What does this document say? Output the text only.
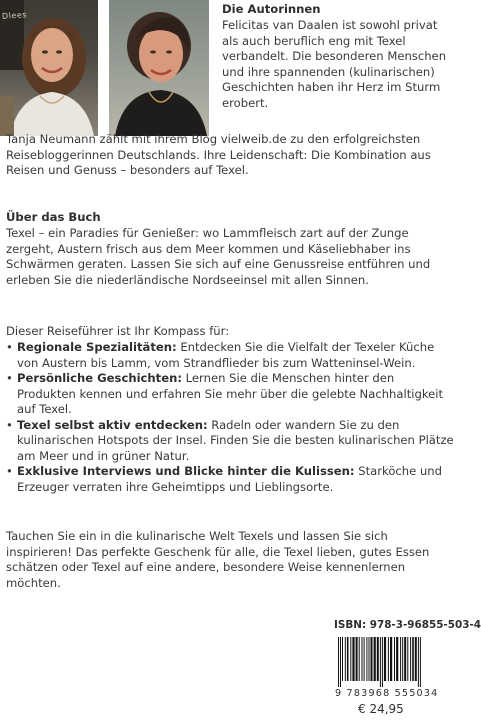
Dlees	Die Autorinnen

Felicitas van Daalen ist sowohl privat als auch beruflich eng mit Texel verbandelt. Die besonderen Menschen und ihre spannenden (kulinarischen) Geschichten haben ihr Herz im Sturm erobert.

Tanja Neumann zählt mit ihrem Blog vielweib.de zu den erfolgreichsten Reisebloggerinnen Deutschlands. Ihre Leidenschaft: Die Kombination aus Reisen und Genuss – besonders auf Texel.

Über das Buch

Texel – ein Paradies für Genießer: wo Lammfleisch zart auf der Zunge zergeht, Austern frisch aus dem Meer kommen und Käseliebhaber ins Schwärmen geraten. Lassen Sie sich auf eine Genussreise entführen und erleben Sie die niederländische Nordseeinsel mit allen Sinnen.

Dieser Reiseführer ist Ihr Kompass für:

• Regionale Spezialitäten: Entdecken Sie die Vielfalt der Texeler Küche von Austern bis Lamm, vom Strandflieder bis zum Watteninsel-Wein.
• Persönliche Geschichten: Lernen Sie die Menschen hinter den Produkten kennen und erfahren Sie mehr über die gelebte Nachhaltigkeit auf Texel.
• Texel selbst aktiv entdecken: Radeln oder wandern Sie zu den kulinarischen Hotspots der Insel. Finden Sie die besten kulinarischen Plätze am Meer und in grüner Natur.
• Exklusive Interviews und Blicke hinter die Kulissen: Starköche und Erzeuger verraten ihre Geheimtipps und Lieblingsorte.

Tauchen Sie ein in die kulinarische Welt Texels und lassen Sie sich inspirieren! Das perfekte Geschenk für alle, die Texel lieben, gutes Essen schätzen oder Texel auf eine andere, besondere Weise kennenlernen möchten.

ISBN: 978-3-96855-503-4
9 783968 555034
€ 24,95
